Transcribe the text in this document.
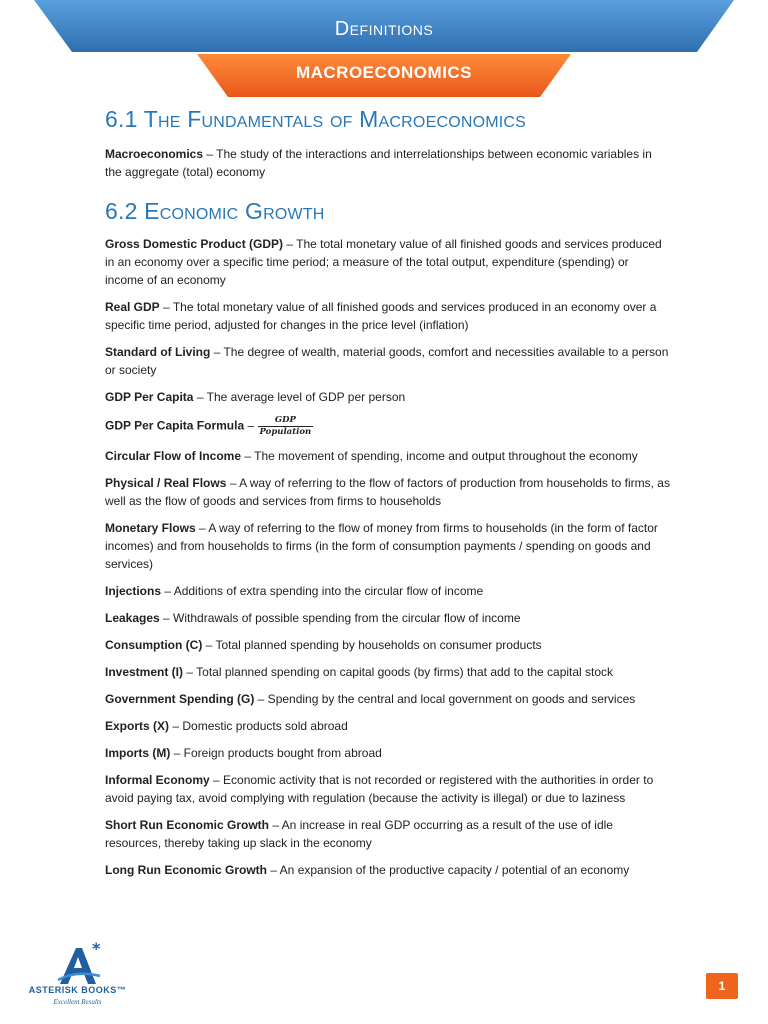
Definitions
MACROECONOMICS
6.1 The Fundamentals of Macroeconomics

Macroeconomics – The study of the interactions and interrelationships between economic variables in the aggregate (total) economy

6.2 Economic Growth

Gross Domestic Product (GDP) – The total monetary value of all finished goods and services produced in an economy over a specific time period; a measure of the total output, expenditure (spending) or income of an economy

Real GDP – The total monetary value of all finished goods and services produced in an economy over a specific time period, adjusted for changes in the price level (inflation)

Standard of Living – The degree of wealth, material goods, comfort and necessities available to a person or society

GDP Per Capita – The average level of GDP per person

GDP Per Capita Formula – $\frac{\text{GDP}}{\text{Population}}$

Circular Flow of Income – The movement of spending, income and output throughout the economy

Physical / Real Flows – A way of referring to the flow of factors of production from households to firms, as well as the flow of goods and services from firms to households

Monetary Flows – A way of referring to the flow of money from firms to households (in the form of factor incomes) and from households to firms (in the form of consumption payments / spending on goods and services)

Injections – Additions of extra spending into the circular flow of income

Leakages – Withdrawals of possible spending from the circular flow of income

Consumption (C) – Total planned spending by households on consumer products

Investment (I) – Total planned spending on capital goods (by firms) that add to the capital stock

Government Spending (G) – Spending by the central and local government on goods and services

Exports (X) – Domestic products sold abroad

Imports (M) – Foreign products bought from abroad

Informal Economy – Economic activity that is not recorded or registered with the authorities in order to avoid paying tax, avoid complying with regulation (because the activity is illegal) or due to laziness

Short Run Economic Growth – An increase in real GDP occurring as a result of the use of idle resources, thereby taking up slack in the economy

Long Run Economic Growth – An expansion of the productive capacity / potential of an economy

*
ASTERISK BOOKS™
Excellent Results
1
